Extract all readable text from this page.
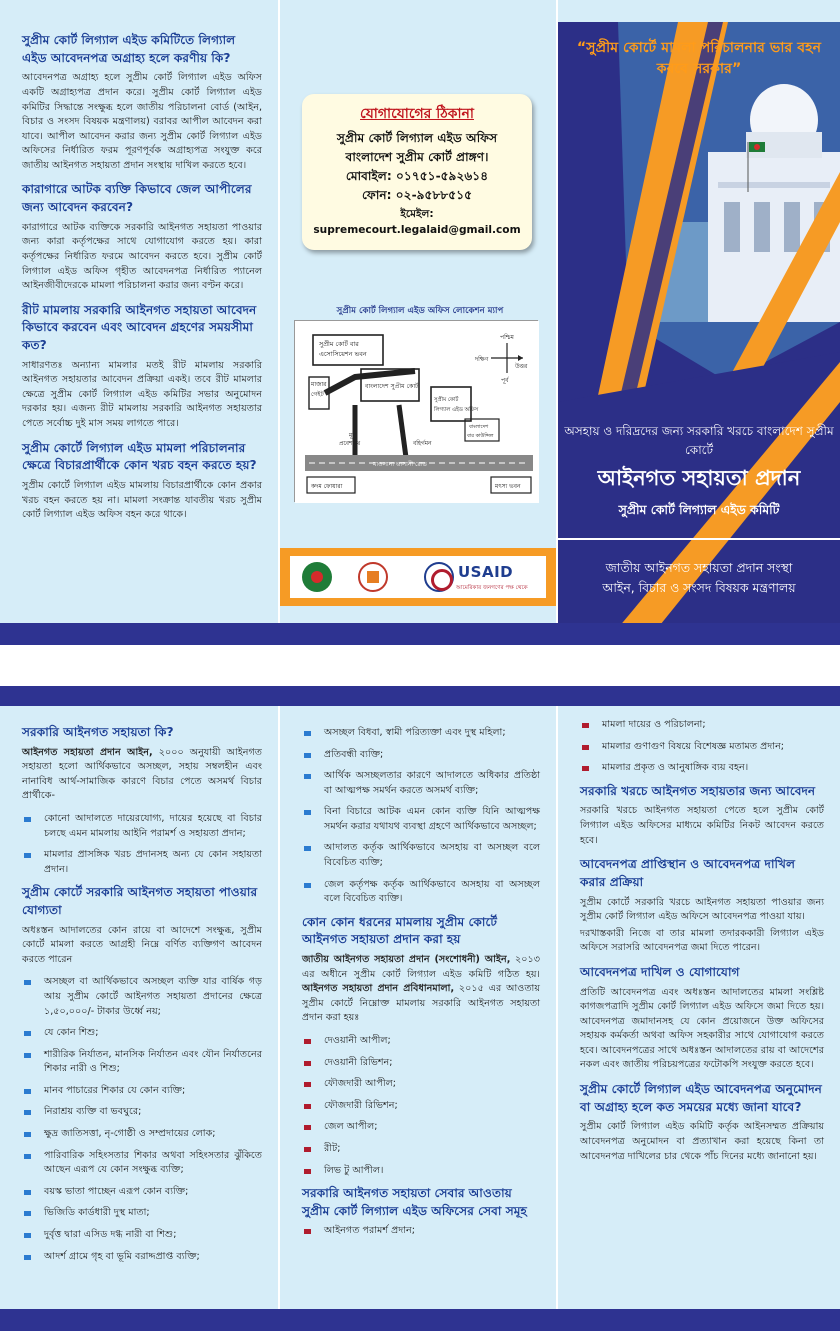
সুপ্রীম কোর্ট লিগ্যাল এইড কমিটিতে লিগ্যাল এইড আবেদনপত্র অগ্রাহ্য হলে করণীয় কি?

আবেদনপত্র অগ্রাহ্য হলে সুপ্রীম কোর্ট লিগ্যাল এইড অফিস একটি অগ্রাহ্যপত্র প্রদান করে। সুপ্রীম কোর্ট লিগ্যাল এইড কমিটির সিদ্ধান্তে সংক্ষুব্ধ হলে জাতীয় পরিচালনা বোর্ড (আইন, বিচার ও সংসদ বিষয়ক মন্ত্রণালয়) বরাবর আপীল আবেদন করা যাবে। আপীল আবেদন করার জন্য সুপ্রীম কোর্ট লিগ্যাল এইড অফিসের নির্ধারিত ফরম পূরণপূর্বক অগ্রাহ্যপত্র সংযুক্ত করে জাতীয় আইনগত সহায়তা প্রদান সংস্থায় দাখিল করতে হবে।

কারাগারে আটক ব্যক্তি কিভাবে জেল আপীলের জন্য আবেদন করবেন?

কারাগারে আটক ব্যক্তিকে সরকারি আইনগত সহায়তা পাওয়ার জন্য কারা কর্তৃপক্ষের সাথে যোগাযোগ করতে হয়। কারা কর্তৃপক্ষের নির্ধারিত ফরমে আবেদন করতে হবে। সুপ্রীম কোর্ট লিগ্যাল এইড অফিস গৃহীত আবেদনপত্র নির্ধারিত প্যানেল আইনজীবীদেরকে মামলা পরিচালনা করার জন্য বণ্টন করে।

রীট মামলায় সরকারি আইনগত সহায়তা আবেদন কিভাবে করবেন এবং আবেদন গ্রহণের সময়সীমা কত?

সাধারণতঃ অন্যান্য মামলার মতই রীট মামলায় সরকারি আইনগত সহায়তার আবেদন প্রক্রিয়া একই। তবে রীট মামলার ক্ষেত্রে সুপ্রীম কোর্ট লিগ্যাল এইড কমিটির সভার অনুমোদন দরকার হয়। এজন্য রীট মামলায় সরকারি আইনগত সহায়তার পেতে সর্বোচ্চ দুই মাস সময় লাগতে পারে।

সুপ্রীম কোর্টে লিগ্যাল এইড মামলা পরিচালনার ক্ষেত্রে বিচারপ্রার্থীকে কোন খরচ বহন করতে হয়?

সুপ্রীম কোর্টে লিগ্যাল এইড মামলায় বিচারপ্রার্থীকে কোন প্রকার খরচ বহন করতে হয় না। মামলা সংক্রান্ত যাবতীয় খরচ সুপ্রীম কোর্ট লিগ্যাল এইড অফিস বহন করে থাকে।

যোগাযোগের ঠিকানা
সুপ্রীম কোর্ট লিগ্যাল এইড অফিস
বাংলাদেশ সুপ্রীম কোর্ট প্রাঙ্গণ।
মোবাইল: ০১৭৫১-৫৯২৬১৪
ফোন: ০২-৯৫৮৮৫১৫
ইমেইল: supremecourt.legalaid@gmail.com
সুপ্রীম কোর্ট লিগ্যাল এইড অফিস লোকেশন ম্যাপ
সুপ্রীম কোর্ট বার
এসোসিয়েশন ভবন
মাজার
গেইট
বাংলাদেশ সুপ্রীম কোর্ট
সুপ্রীম কোর্ট
লিগ্যাল এইড অফিস
মূল
প্রবেশপথ	বহির্গমন
বাংলাদেশ
বার কাউন্সিল
মাওলানা ভাসানী রোড
কদম ফোয়ারা	মৎস্য ভবন
পশ্চিম
উত্তর
দক্ষিণ
পূর্ব
USAID
আমেরিকার জনগণের পক্ষ থেকে
“সুপ্রীম কোর্টে মামলা পরিচালনার ভার বহন করবে সরকার”
অসহায় ও দরিদ্রদের জন্য সরকারি খরচে বাংলাদেশ সুপ্রীম কোর্টে
আইনগত সহায়তা প্রদান
সুপ্রীম কোর্ট লিগ্যাল এইড কমিটি
জাতীয় আইনগত সহায়তা প্রদান সংস্থা
আইন, বিচার ও সংসদ বিষয়ক মন্ত্রণালয়
সরকারি আইনগত সহায়তা কি?

আইনগত সহায়তা প্রদান আইন, ২০০০ অনুযায়ী আইনগত সহায়তা হলো আর্থিকভাবে অসচ্ছল, সহায় সম্বলহীন এবং নানাবিধ আর্থ-সামাজিক কারণে বিচার পেতে অসমর্থ বিচার প্রার্থীকে-

কোনো আদালতে দায়েরযোগ্য, দায়ের হয়েছে বা বিচার চলছে এমন মামলায় আইনি পরামর্শ ও সহায়তা প্রদান;
মামলার প্রাসঙ্গিক খরচ প্রদানসহ অন্য যে কোন সহায়তা প্রদান।
সুপ্রীম কোর্টে সরকারি আইনগত সহায়তা পাওয়ার যোগ্যতা

অধঃস্তন আদালতের কোন রায়ে বা আদেশে সংক্ষুব্ধ, সুপ্রীম কোর্টে মামলা করতে আগ্রহী নিম্নে বর্ণিত ব্যক্তিগণ আবেদন করতে পারেন

অসচ্ছল বা আর্থিকভাবে অসচ্ছল ব্যক্তি যার বার্ষিক গড় আয় সুপ্রীম কোর্টে আইনগত সহায়তা প্রদানের ক্ষেত্রে ১,৫০,০০০/- টাকার উর্ধ্বে নয়;
যে কোন শিশু;
শারীরিক নির্যাতন, মানসিক নির্যাতন এবং যৌন নির্যাতনের শিকার নারী ও শিশু;
মানব পাচারের শিকার যে কোন ব্যক্তি;
নিরাশ্রয় ব্যক্তি বা ভবঘুরে;
ক্ষুদ্র জাতিসত্তা, নৃ-গোষ্ঠী ও সম্প্রদায়ের লোক;
পারিবারিক সহিংসতার শিকার অথবা সহিংসতার ঝুঁকিতে আছেন এরূপ যে কোন সংক্ষুব্ধ ব্যক্তি;
বয়স্ক ভাতা পাচ্ছেন এরূপ কোন ব্যক্তি;
ভিজিডি কার্ডধারী দুস্থ মাতা;
দুর্বৃত্ত দ্বারা এসিড দগ্ধ নারী বা শিশু;
আদর্শ গ্রামে গৃহ বা ভূমি বরাদ্দপ্রাপ্ত ব্যক্তি;
অসচ্ছল বিধবা, স্বামী পরিত্যক্তা এবং দুস্থ মহিলা;
প্রতিবন্ধী ব্যক্তি;
আর্থিক অসচ্ছলতার কারণে আদালতে অধিকার প্রতিষ্ঠা বা আত্মপক্ষ সমর্থন করতে অসমর্থ ব্যক্তি;
বিনা বিচারে আটক এমন কোন ব্যক্তি যিনি আত্মপক্ষ সমর্থন করার যথাযথ ব্যবস্থা গ্রহণে আর্থিকভাবে অসচ্ছল;
আদালত কর্তৃক আর্থিকভাবে অসহায় বা অসচ্ছল বলে বিবেচিত ব্যক্তি;
জেল কর্তৃপক্ষ কর্তৃক আর্থিকভাবে অসহায় বা অসচ্ছল বলে বিবেচিত ব্যক্তি।
কোন কোন ধরনের মামলায় সুপ্রীম কোর্টে আইনগত সহায়তা প্রদান করা হয়

জাতীয় আইনগত সহায়তা প্রদান (সংশোধনী) আইন, ২০১৩ এর অধীনে সুপ্রীম কোর্ট লিগ্যাল এইড কমিটি গঠিত হয়। আইনগত সহায়তা প্রদান প্রবিধানমালা, ২০১৫ এর আওতায় সুপ্রীম কোর্টে নিম্নোক্ত মামলায় সরকারি আইনগত সহায়তা প্রদান করা হয়ঃ

দেওয়ানী আপীল;
দেওয়ানী রিভিশন;
ফৌজদারী আপীল;
ফৌজদারী রিভিশন;
জেল আপীল;
রীট;
লিভ টু আপীল।
সরকারি আইনগত সহায়তা সেবার আওতায় সুপ্রীম কোর্ট লিগ্যাল এইড অফিসের সেবা সমূহ
আইনগত পরামর্শ প্রদান;
মামলা দায়ের ও পরিচালনা;
মামলার গুণাগুণ বিষয়ে বিশেষজ্ঞ মতামত প্রদান;
মামলার প্রকৃত ও আনুষাঙ্গিক ব্যয় বহন।
সরকারি খরচে আইনগত সহায়তার জন্য আবেদন

সরকারি খরচে আইনগত সহায়তা পেতে হলে সুপ্রীম কোর্ট লিগ্যাল এইড অফিসের মাধ্যমে কমিটির নিকট আবেদন করতে হবে।

আবেদনপত্র প্রাপ্তিস্থান ও আবেদনপত্র দাখিল করার প্রক্রিয়া

সুপ্রীম কোর্টে সরকারি খরচে আইনগত সহায়তা পাওয়ার জন্য সুপ্রীম কোর্ট লিগ্যাল এইড অফিসে আবেদনপত্র পাওয়া যায়।

দরখাস্তকারী নিজে বা তার মামলা তদারককারী লিগ্যাল এইড অফিসে সরাসরি আবেদনপত্র জমা দিতে পারেন।

আবেদনপত্র দাখিল ও যোগাযোগ

প্রতিটি আবেদনপত্র এবং অধঃস্তন আদালতের মামলা সংশ্লিষ্ট কাগজপত্রাদি সুপ্রীম কোর্ট লিগ্যাল এইড অফিসে জমা দিতে হয়। আবেদনপত্র জমাদানসহ যে কোন প্রয়োজনে উক্ত অফিসের সহায়ক কর্মকর্তা অথবা অফিস সহকারীর সাথে যোগাযোগ করতে হবে। আবেদনপত্রের সাথে অধঃস্তন আদালতের রায় বা আদেশের নকল এবং জাতীয় পরিচয়পত্রের ফটোকপি সংযুক্ত করতে হবে।

সুপ্রীম কোর্টে লিগ্যাল এইড আবেদনপত্র অনুমোদন বা অগ্রাহ্য হলে কত সময়ের মধ্যে জানা যাবে?

সুপ্রীম কোর্ট লিগ্যাল এইড কমিটি কর্তৃক আইনসম্মত প্রক্রিয়ায় আবেদনপত্র অনুমোদন বা প্রত্যাখান করা হয়েছে কিনা তা আবেদনপত্র দাখিলের চার থেকে পাঁচ দিনের মধ্যে জানানো হয়।
